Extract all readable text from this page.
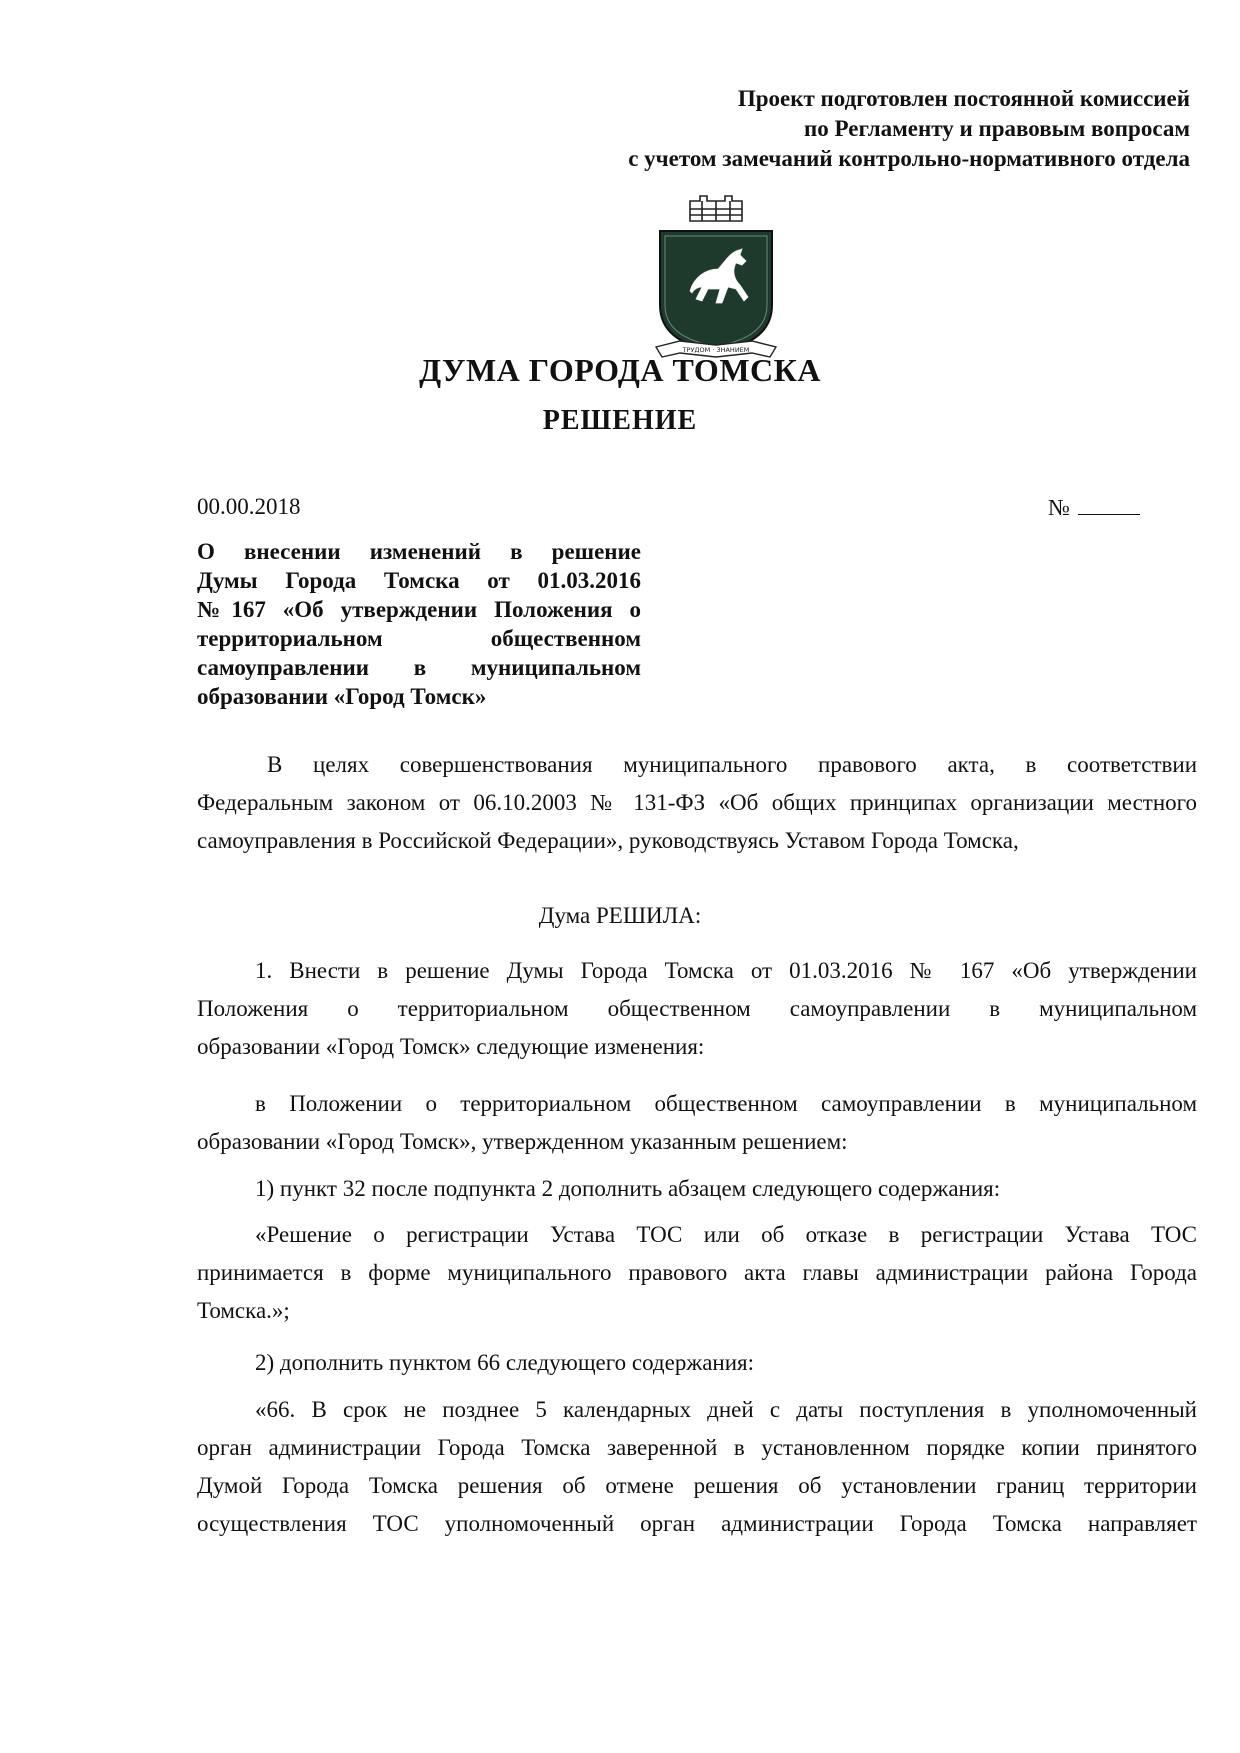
Проект подготовлен постоянной комиссией
по Регламенту и правовым вопросам
с учетом замечаний контрольно-нормативного отдела
ТРУДОМ · ЗНАНИЕМ
ДУМА ГОРОДА ТОМСКА
РЕШЕНИЕ
00.00.2018	№
О внесении изменений в решение
Думы Города Томска от 01.03.2016
№167 «Об утверждении Положения о
территориальном общественном
самоуправлении в муниципальном
образовании «Город Томск»
В целях совершенствования муниципального правового акта, в соответствии
Федеральным законом от 06.10.2003 № 131-ФЗ «Об общих принципах организации местного
самоуправления в Российской Федерации», руководствуясь Уставом Города Томска,
Дума РЕШИЛА:
1. Внести в решение Думы Города Томска от 01.03.2016 № 167 «Об утверждении
Положения о территориальном общественном самоуправлении в муниципальном
образовании «Город Томск» следующие изменения:
в Положении о территориальном общественном самоуправлении в муниципальном
образовании «Город Томск», утвержденном указанным решением:
1) пункт 32 после подпункта 2 дополнить абзацем следующего содержания:
«Решение о регистрации Устава ТОС или об отказе в регистрации Устава ТОС
принимается в форме муниципального правового акта главы администрации района Города
Томска.»;
2) дополнить пунктом 66 следующего содержания:
«66. В срок не позднее 5 календарных дней с даты поступления в уполномоченный
орган администрации Города Томска заверенной в установленном порядке копии принятого
Думой Города Томска решения об отмене решения об установлении границ территории
осуществления ТОС уполномоченный орган администрации Города Томска направляет
